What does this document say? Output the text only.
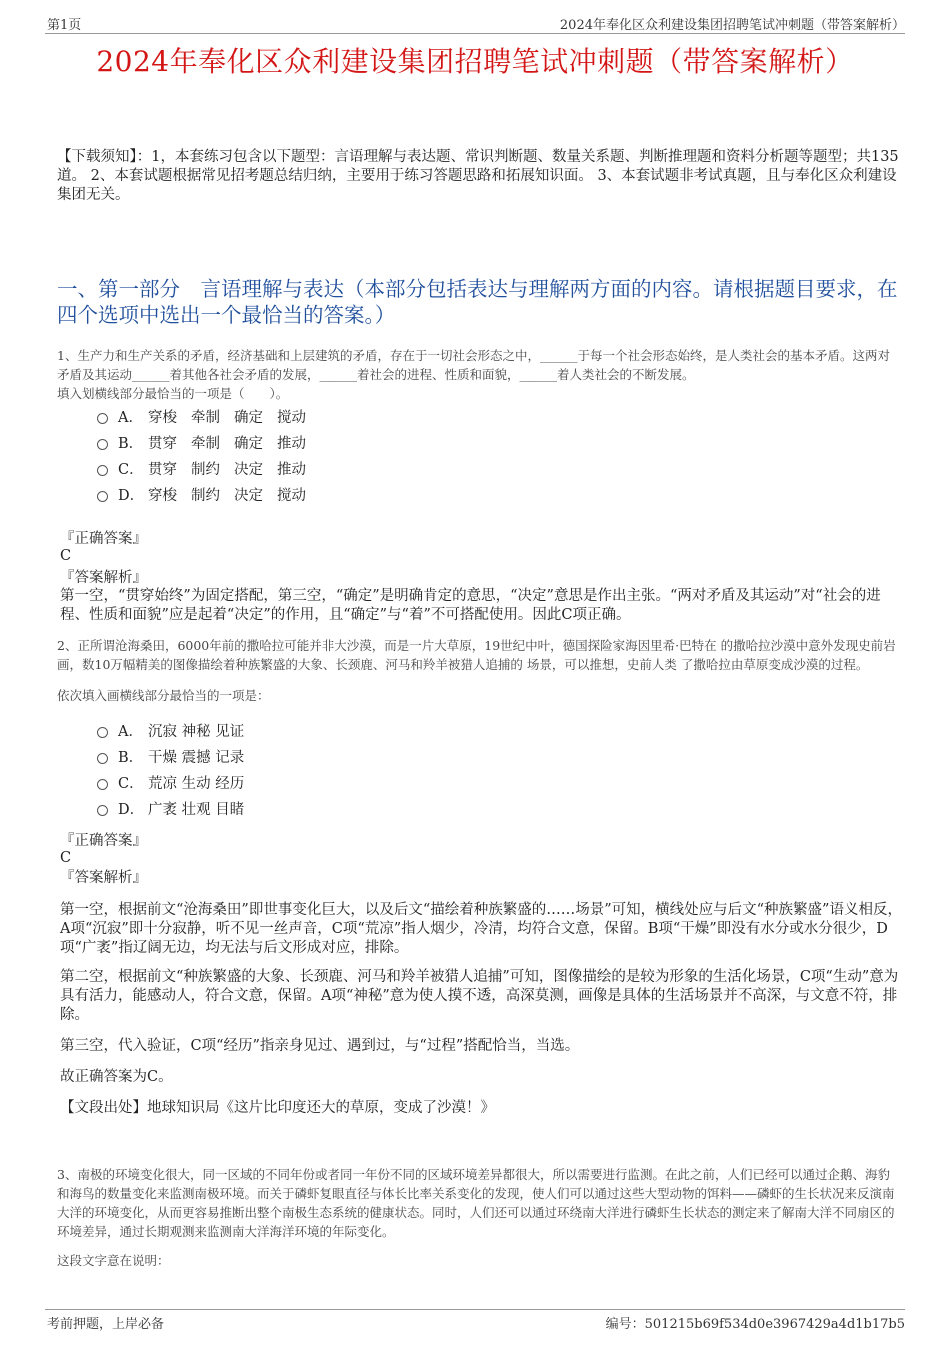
第1页	2024年奉化区众利建设集团招聘笔试冲刺题（带答案解析）
2024年奉化区众利建设集团招聘笔试冲刺题（带答案解析）
【下载须知】：1，本套练习包含以下题型：言语理解与表达题、常识判断题、数量关系题、判断推理题和资料分析题等题型；共135道。 2、本套试题根据常见招考题总结归纳，主要用于练习答题思路和拓展知识面。 3、本套试题非考试真题，且与奉化区众利建设集团无关。
一、第一部分　言语理解与表达（本部分包括表达与理解两方面的内容。请根据题目要求，在四个选项中选出一个最恰当的答案。）
1、生产力和生产关系的矛盾，经济基础和上层建筑的矛盾，存在于一切社会形态之中，______于每一个社会形态始终，是人类社会的基本矛盾。这两对矛盾及其运动______着其他各社会矛盾的发展，______着社会的进程、性质和面貌，______着人类社会的不断发展。
填入划横线部分最恰当的一项是（　　）。
A． 穿梭 牵制 确定 搅动
B． 贯穿 牵制 确定 推动
C． 贯穿 制约 决定 推动
D． 穿梭 制约 决定 搅动
『正确答案』
C
『答案解析』
第一空，“贯穿始终”为固定搭配，第三空，“确定”是明确肯定的意思，“决定”意思是作出主张。“两对矛盾及其运动”对“社会的进程、性质和面貌”应是起着“决定”的作用，且“确定”与“着”不可搭配使用。因此C项正确。
2、正所谓沧海桑田，6000年前的撒哈拉可能并非大沙漠，而是一片大草原，19世纪中叶，德国探险家海因里希·巴特在 的撒哈拉沙漠中意外发现史前岩画，数10万幅精美的图像描绘着种族繁盛的大象、长颈鹿、河马和羚羊被猎人追捕的 场景，可以推想，史前人类 了撒哈拉由草原变成沙漠的过程。
依次填入画横线部分最恰当的一项是：
A． 沉寂 神秘 见证
B． 干燥 震撼 记录
C． 荒凉 生动 经历
D． 广袤 壮观 目睹
『正确答案』
C
『答案解析』
第一空，根据前文“沧海桑田”即世事变化巨大，以及后文“描绘着种族繁盛的……场景”可知，横线处应与后文“种族繁盛”语义相反，A项“沉寂”即十分寂静，听不见一丝声音，C项“荒凉”指人烟少，冷清，均符合文意，保留。B项“干燥”即没有水分或水分很少，D项“广袤”指辽阔无边，均无法与后文形成对应，排除。
第二空，根据前文“种族繁盛的大象、长颈鹿、河马和羚羊被猎人追捕”可知，图像描绘的是较为形象的生活化场景，C项“生动”意为具有活力，能感动人，符合文意，保留。A项“神秘”意为使人摸不透，高深莫测，画像是具体的生活场景并不高深，与文意不符，排除。
第三空，代入验证，C项“经历”指亲身见过、遇到过，与“过程”搭配恰当，当选。
故正确答案为C。
【文段出处】地球知识局《这片比印度还大的草原，变成了沙漠！》
3、南极的环境变化很大，同一区域的不同年份或者同一年份不同的区域环境差异都很大，所以需要进行监测。在此之前，人们已经可以通过企鹅、海豹和海鸟的数量变化来监测南极环境。而关于磷虾复眼直径与体长比率关系变化的发现，使人们可以通过这些大型动物的饵料——磷虾的生长状况来反演南大洋的环境变化，从而更容易推断出整个南极生态系统的健康状态。同时，人们还可以通过环绕南大洋进行磷虾生长状态的测定来了解南大洋不同扇区的环境差异，通过长期观测来监测南大洋海洋环境的年际变化。
这段文字意在说明：
考前押题，上岸必备	编号：501215b69f534d0e3967429a4d1b17b5
